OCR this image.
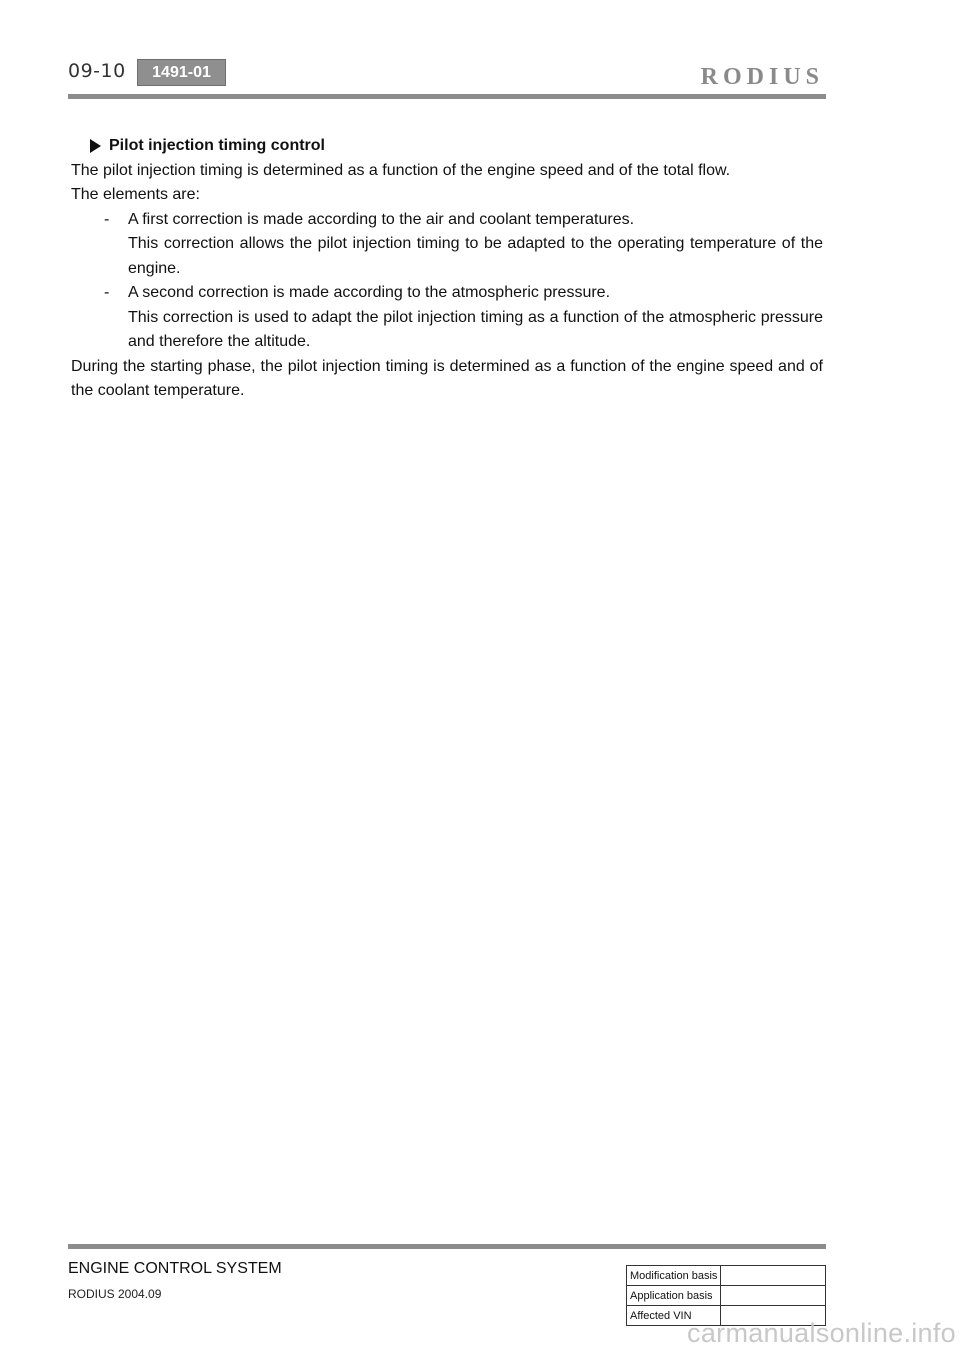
09-10	1491-01	RODIUS
Pilot injection timing control

The pilot injection timing is determined as a function of the engine speed and of the total flow.

The elements are:

-	A first correction is made according to the air and coolant temperatures.
This correction allows the pilot injection timing to be adapted to the operating temperature of the engine.
-	A second correction is made according to the atmospheric pressure.
This correction is used to adapt the pilot injection timing as a function of the atmospheric pressure and therefore the altitude.

During the starting phase, the pilot injection timing is determined as a function of the engine speed and of the coolant temperature.

ENGINE CONTROL SYSTEM
RODIUS 2004.09
Modification basis	
Application basis	
Affected VIN	
carmanualsonline.info
